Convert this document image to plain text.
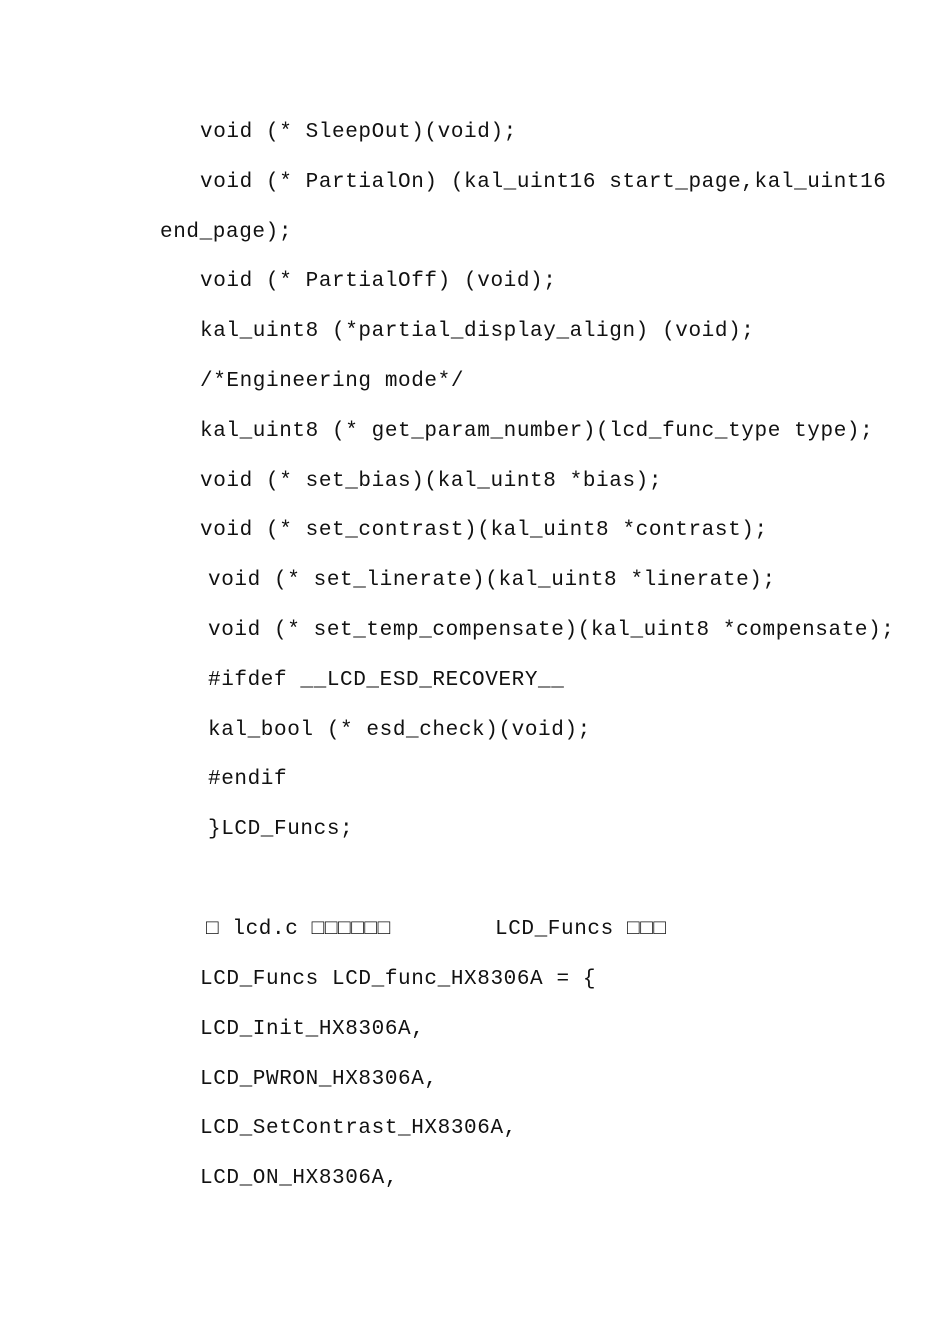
void (* SleepOut)(void);
void (* PartialOn) (kal_uint16 start_page,kal_uint16
end_page);
void (* PartialOff) (void);
kal_uint8 (*partial_display_align) (void);
/*Engineering mode*/
kal_uint8 (* get_param_number)(lcd_func_type type);
void (* set_bias)(kal_uint8 *bias);
void (* set_contrast)(kal_uint8 *contrast);
void (* set_linerate)(kal_uint8 *linerate);
void (* set_temp_compensate)(kal_uint8 *compensate);
#ifdef __LCD_ESD_RECOVERY__
kal_bool (* esd_check)(void);
#endif
}LCD_Funcs;
□ lcd.c □□□□□□	LCD_Funcs □□□
LCD_Funcs LCD_func_HX8306A = {
LCD_Init_HX8306A,
LCD_PWRON_HX8306A,
LCD_SetContrast_HX8306A,
LCD_ON_HX8306A,
